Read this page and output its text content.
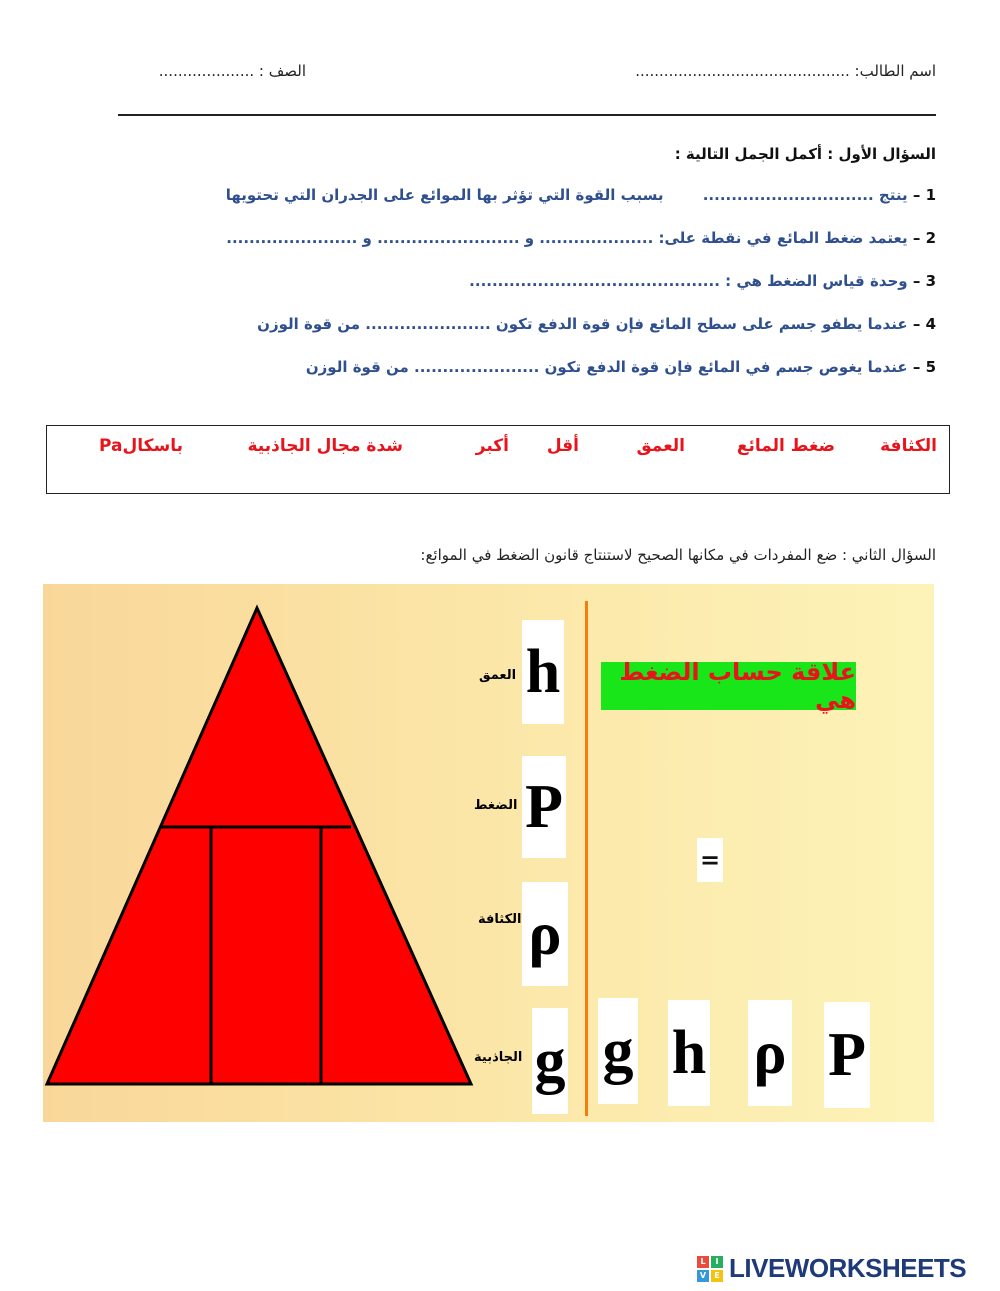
اسم الطالب: .............................................
الصف : ....................
السؤال الأول : أكمل الجمل التالية :
1 – ينتج .............................. بسبب القوة التي تؤثر بها الموائع على الجدران التي تحتويها
2 – يعتمد ضغط المائع في نقطة على: .................... و ......................... و .......................
3 – وحدة قياس الضغط هي : ............................................
4 – عندما يطفو جسم على سطح المائع فإن قوة الدفع تكون ...................... من قوة الوزن
5 – عندما يغوص جسم في المائع فإن قوة الدفع تكون ...................... من قوة الوزن
الكثافة
ضغط المائع
العمق
أقل
أكبر
شدة مجال الجاذبية
باسكالPa
السؤال الثاني : ضع المفردات في مكانها الصحيح لاستنتاج قانون الضغط في الموائع:
العمق h
الضغط P
الكثافة ρ
الجاذبية g
علاقة حساب الضغط هي
=
g h ρ P
L	I
V	E LIVEWORKSHEETS
